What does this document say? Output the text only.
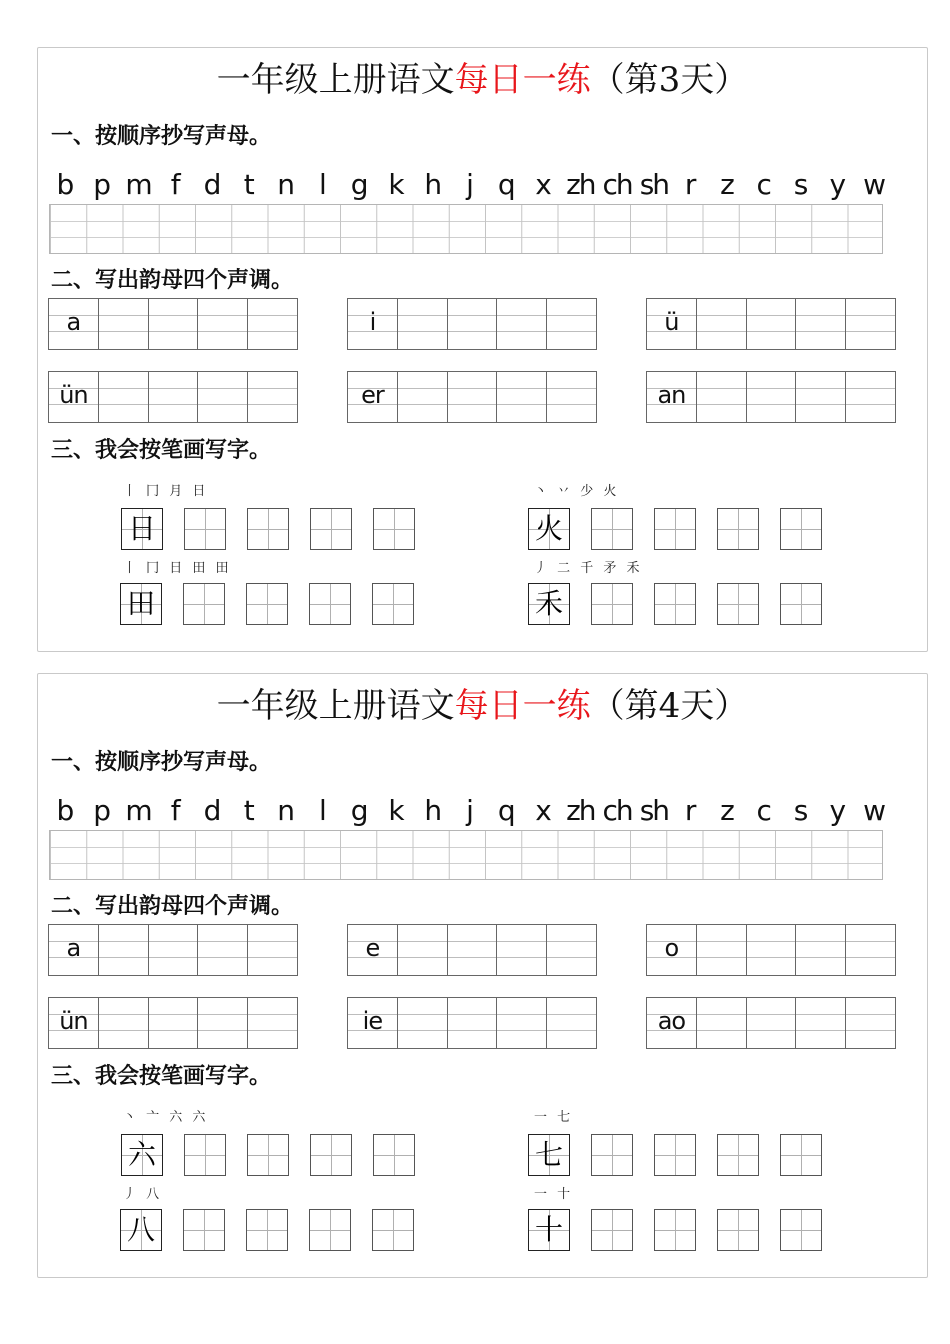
一年级上册语文每日一练（第3天）
一、按顺序抄写声母。
二、写出韵母四个声调。
三、我会按笔画写字。
b p m f d t n l g k h j q x zh ch sh r z c s y w
a	i	ü
ün	er	an
丨 冂 月 日
日
丶 丷 少 火
火
丨 冂 日 田 田
田
丿 二 千 矛 禾
禾
一年级上册语文每日一练（第4天）
一、按顺序抄写声母。
二、写出韵母四个声调。
三、我会按笔画写字。
b p m f d t n l g k h j q x zh ch sh r z c s y w
a	e	o
ün	ie	ao
丶 亠 六 六
六
一 七
七
丿 八
八
一 十
十
